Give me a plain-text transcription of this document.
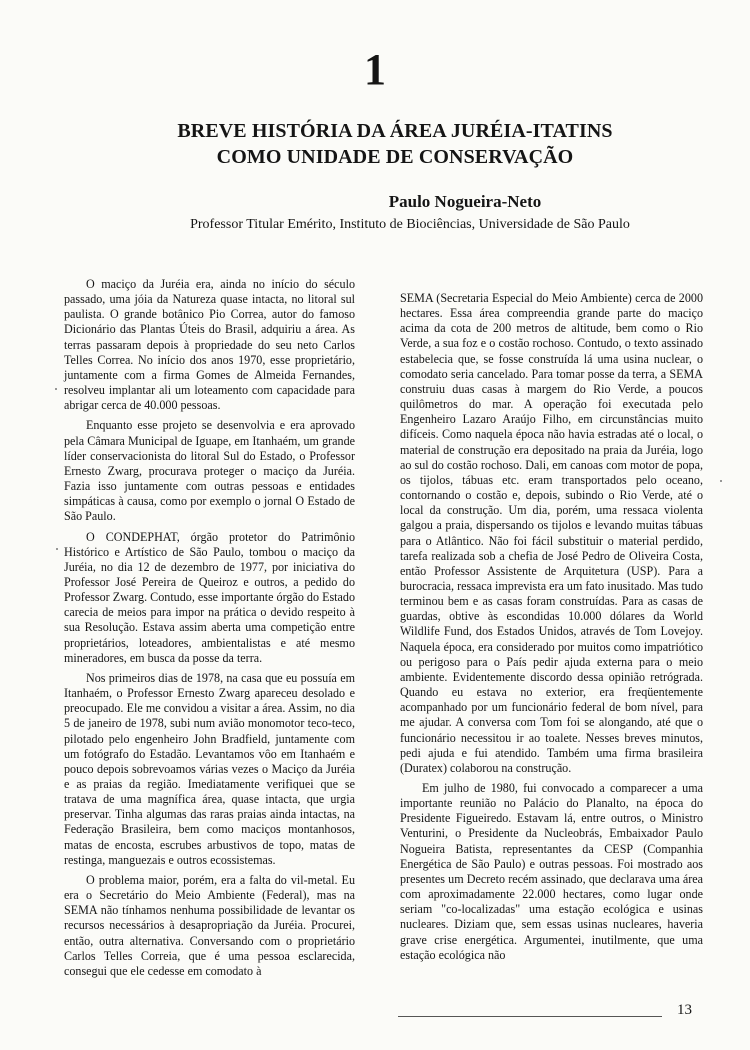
1
BREVE HISTÓRIA DA ÁREA JURÉIA-ITATINS
COMO UNIDADE DE CONSERVAÇÃO
Paulo Nogueira-Neto
Professor Titular Emérito, Instituto de Biociências, Universidade de São Paulo

O maciço da Juréia era, ainda no início do século passado, uma jóia da Natureza quase intacta, no litoral sul paulista. O grande botânico Pio Correa, autor do famoso Dicionário das Plantas Úteis do Brasil, adquiriu a área. As terras passaram depois à propriedade do seu neto Carlos Telles Correa. No início dos anos 1970, esse proprietário, juntamente com a firma Gomes de Almeida Fernandes, resolveu implantar ali um loteamento com capacidade para abrigar cerca de 40.000 pessoas.

Enquanto esse projeto se desenvolvia e era aprovado pela Câmara Municipal de Iguape, em Itanhaém, um grande líder conservacionista do litoral Sul do Estado, o Professor Ernesto Zwarg, procurava proteger o maciço da Juréia. Fazia isso juntamente com outras pessoas e entidades simpáticas à causa, como por exemplo o jornal O Estado de São Paulo.

O CONDEPHAT, órgão protetor do Patrimônio Histórico e Artístico de São Paulo, tombou o maciço da Juréia, no dia 12 de dezembro de 1977, por iniciativa do Professor José Pereira de Queiroz e outros, a pedido do Professor Zwarg. Contudo, esse importante órgão do Estado carecia de meios para impor na prática o devido respeito à sua Resolução. Estava assim aberta uma competição entre proprietários, loteadores, ambientalistas e até mesmo mineradores, em busca da posse da terra.

Nos primeiros dias de 1978, na casa que eu possuía em Itanhaém, o Professor Ernesto Zwarg apareceu desolado e preocupado. Ele me convidou a visitar a área. Assim, no dia 5 de janeiro de 1978, subi num avião monomotor teco-teco, pilotado pelo engenheiro John Bradfield, juntamente com um fotógrafo do Estadão. Levantamos vôo em Itanhaém e pouco depois sobrevoamos várias vezes o Maciço da Juréia e as praias da região. Imediatamente verifiquei que se tratava de uma magnífica área, quase intacta, que urgia preservar. Tinha algumas das raras praias ainda intactas, na Federação Brasileira, bem como maciços montanhosos, matas de encosta, escrubes arbustivos de topo, matas de restinga, manguezais e outros ecossistemas.

O problema maior, porém, era a falta do vil-metal. Eu era o Secretário do Meio Ambiente (Federal), mas na SEMA não tínhamos nenhuma possibilidade de levantar os recursos necessários à desapropriação da Juréia. Procurei, então, outra alternativa. Conversando com o proprietário Carlos Telles Correia, que é uma pessoa esclarecida, consegui que ele cedesse em comodato à

SEMA (Secretaria Especial do Meio Ambiente) cerca de 2000 hectares. Essa área compreendia grande parte do maciço acima da cota de 200 metros de altitude, bem como o Rio Verde, a sua foz e o costão rochoso. Contudo, o texto assinado estabelecia que, se fosse construída lá uma usina nuclear, o comodato seria cancelado. Para tomar posse da terra, a SEMA construiu duas casas à margem do Rio Verde, a poucos quilômetros do mar. A operação foi executada pelo Engenheiro Lazaro Araújo Filho, em circunstâncias muito difíceis. Como naquela época não havia estradas até o local, o material de construção era depositado na praia da Juréia, logo ao sul do costão rochoso. Dali, em canoas com motor de popa, os tijolos, tábuas etc. eram transportados pelo oceano, contornando o costão e, depois, subindo o Rio Verde, até o local da construção. Um dia, porém, uma ressaca violenta galgou a praia, dispersando os tijolos e levando muitas tábuas para o Atlântico. Não foi fácil substituir o material perdido, tarefa realizada sob a chefia de José Pedro de Oliveira Costa, então Professor Assistente de Arquitetura (USP). Para a burocracia, ressaca imprevista era um fato inusitado. Mas tudo terminou bem e as casas foram construídas. Para as casas de guardas, obtive às escondidas 10.000 dólares da World Wildlife Fund, dos Estados Unidos, através de Tom Lovejoy. Naquela época, era considerado por muitos como impatriótico ou perigoso para o País pedir ajuda externa para o meio ambiente. Evidentemente discordo dessa opinião retrógrada. Quando eu estava no exterior, era freqüentemente acompanhado por um funcionário federal de bom nível, para me ajudar. A conversa com Tom foi se alongando, até que o funcionário necessitou ir ao toalete. Nesses breves minutos, pedi ajuda e fui atendido. Também uma firma brasileira (Duratex) colaborou na construção.

Em julho de 1980, fui convocado a comparecer a uma importante reunião no Palácio do Planalto, na época do Presidente Figueiredo. Estavam lá, entre outros, o Ministro Venturini, o Presidente da Nucleobrás, Embaixador Paulo Nogueira Batista, representantes da CESP (Companhia Energética de São Paulo) e outras pessoas. Foi mostrado aos presentes um Decreto recém assinado, que declarava uma área com aproximadamente 22.000 hectares, como lugar onde seriam "co-localizadas" uma estação ecológica e usinas nucleares. Diziam que, sem essas usinas nucleares, haveria grave crise energética. Argumentei, inutilmente, que uma estação ecológica não

13
